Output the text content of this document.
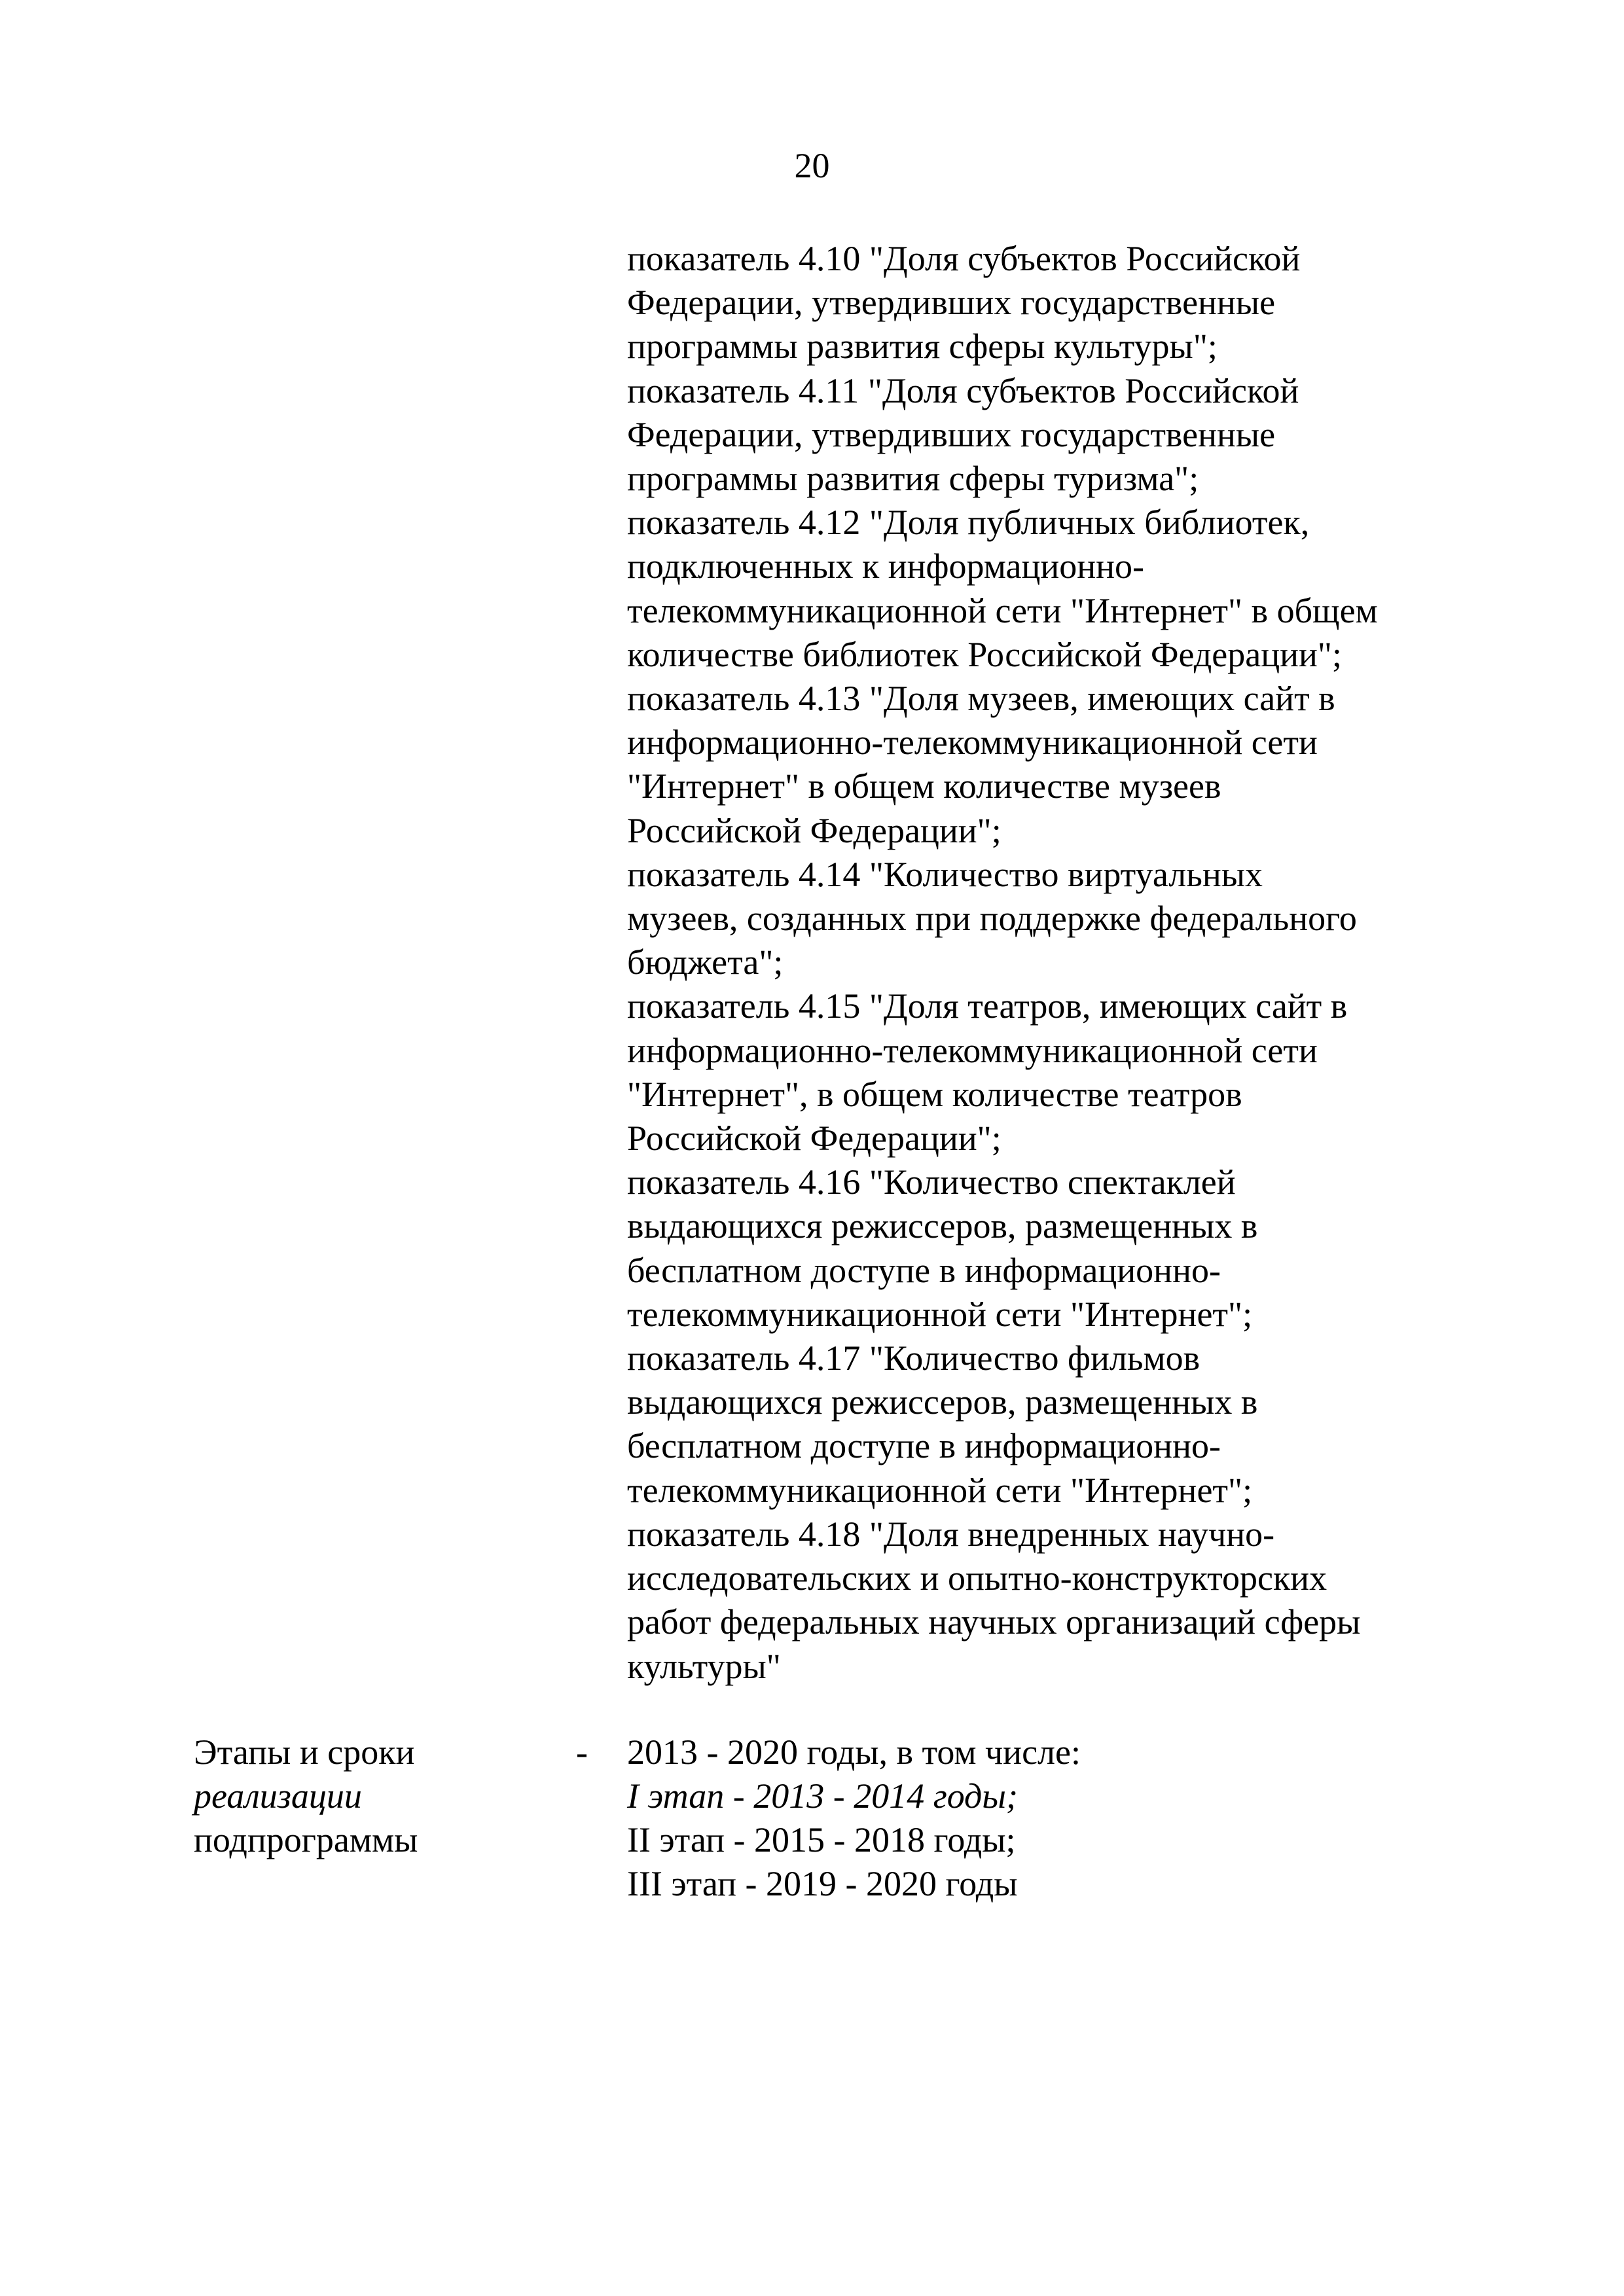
20
показатель 4.10 "Доля субъектов Российской
Федерации, утвердивших государственные
программы развития сферы культуры";
показатель 4.11 "Доля субъектов Российской
Федерации, утвердивших государственные
программы развития сферы туризма";
показатель 4.12 "Доля публичных библиотек,
подключенных к информационно-
телекоммуникационной сети "Интернет" в общем
количестве библиотек Российской Федерации";
показатель 4.13 "Доля музеев, имеющих сайт в
информационно-телекоммуникационной сети
"Интернет" в общем количестве музеев
Российской Федерации";
показатель 4.14 "Количество виртуальных
музеев, созданных при поддержке федерального
бюджета";
показатель 4.15 "Доля театров, имеющих сайт в
информационно-телекоммуникационной сети
"Интернет", в общем количестве театров
Российской Федерации";
показатель 4.16 "Количество спектаклей
выдающихся режиссеров, размещенных в
бесплатном доступе в информационно-
телекоммуникационной сети "Интернет";
показатель 4.17 "Количество фильмов
выдающихся режиссеров, размещенных в
бесплатном доступе в информационно-
телекоммуникационной сети "Интернет";
показатель 4.18 "Доля внедренных научно-
исследовательских и опытно-конструкторских
работ федеральных научных организаций сферы
культуры"
Этапы и сроки
реализации
подпрограммы
- 2013 - 2020 годы, в том числе:
I этап - 2013 - 2014 годы;
II этап - 2015 - 2018 годы;
III этап - 2019 - 2020 годы
